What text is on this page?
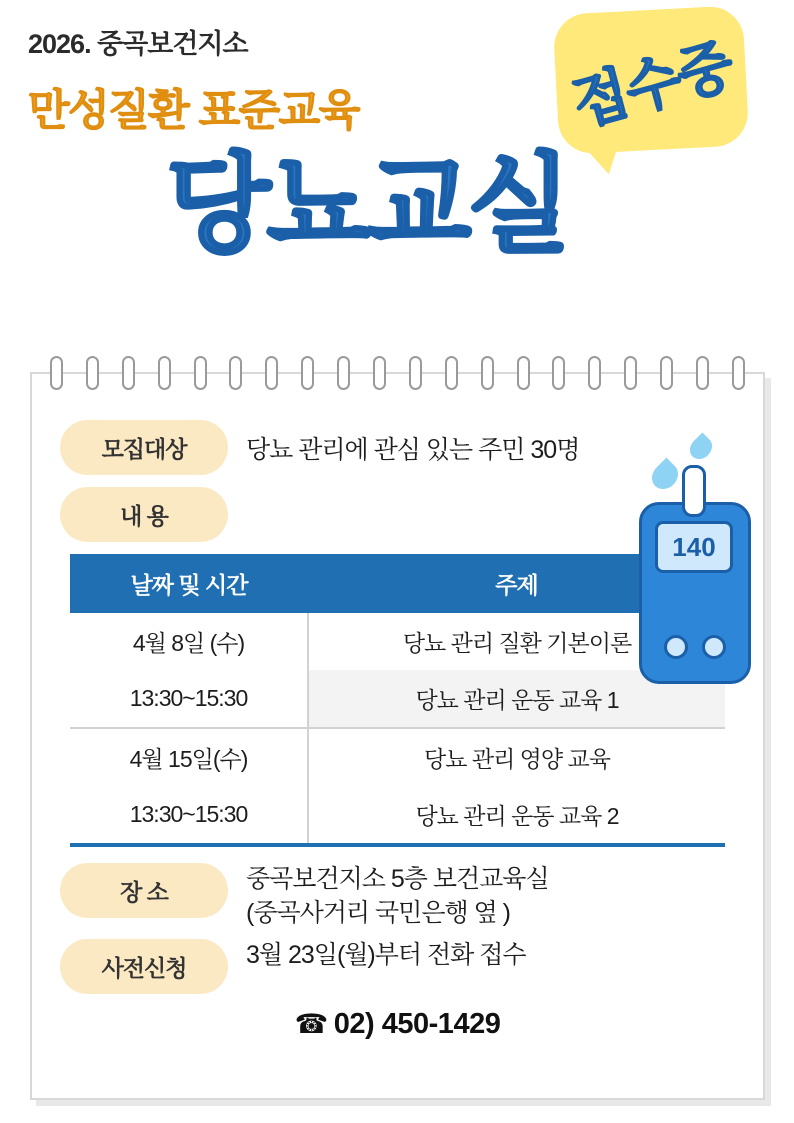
2026. 중곡보건지소
만성질환 표준교육
당뇨교실
접수중
140
모집대상	당뇨 관리에 관심 있는 주민 30명
내 용
날짜 및 시간	주제
4월 8일 (수)	당뇨 관리 질환 기본이론
13:30~15:30	당뇨 관리 운동 교육 1
4월 15일(수)	당뇨 관리 영양 교육
13:30~15:30	당뇨 관리 운동 교육 2
장 소	중곡보건지소 5층 보건교육실
(중곡사거리 국민은행 옆 )
사전신청	3월 23일(월)부터 전화 접수
☎ 02) 450-1429
